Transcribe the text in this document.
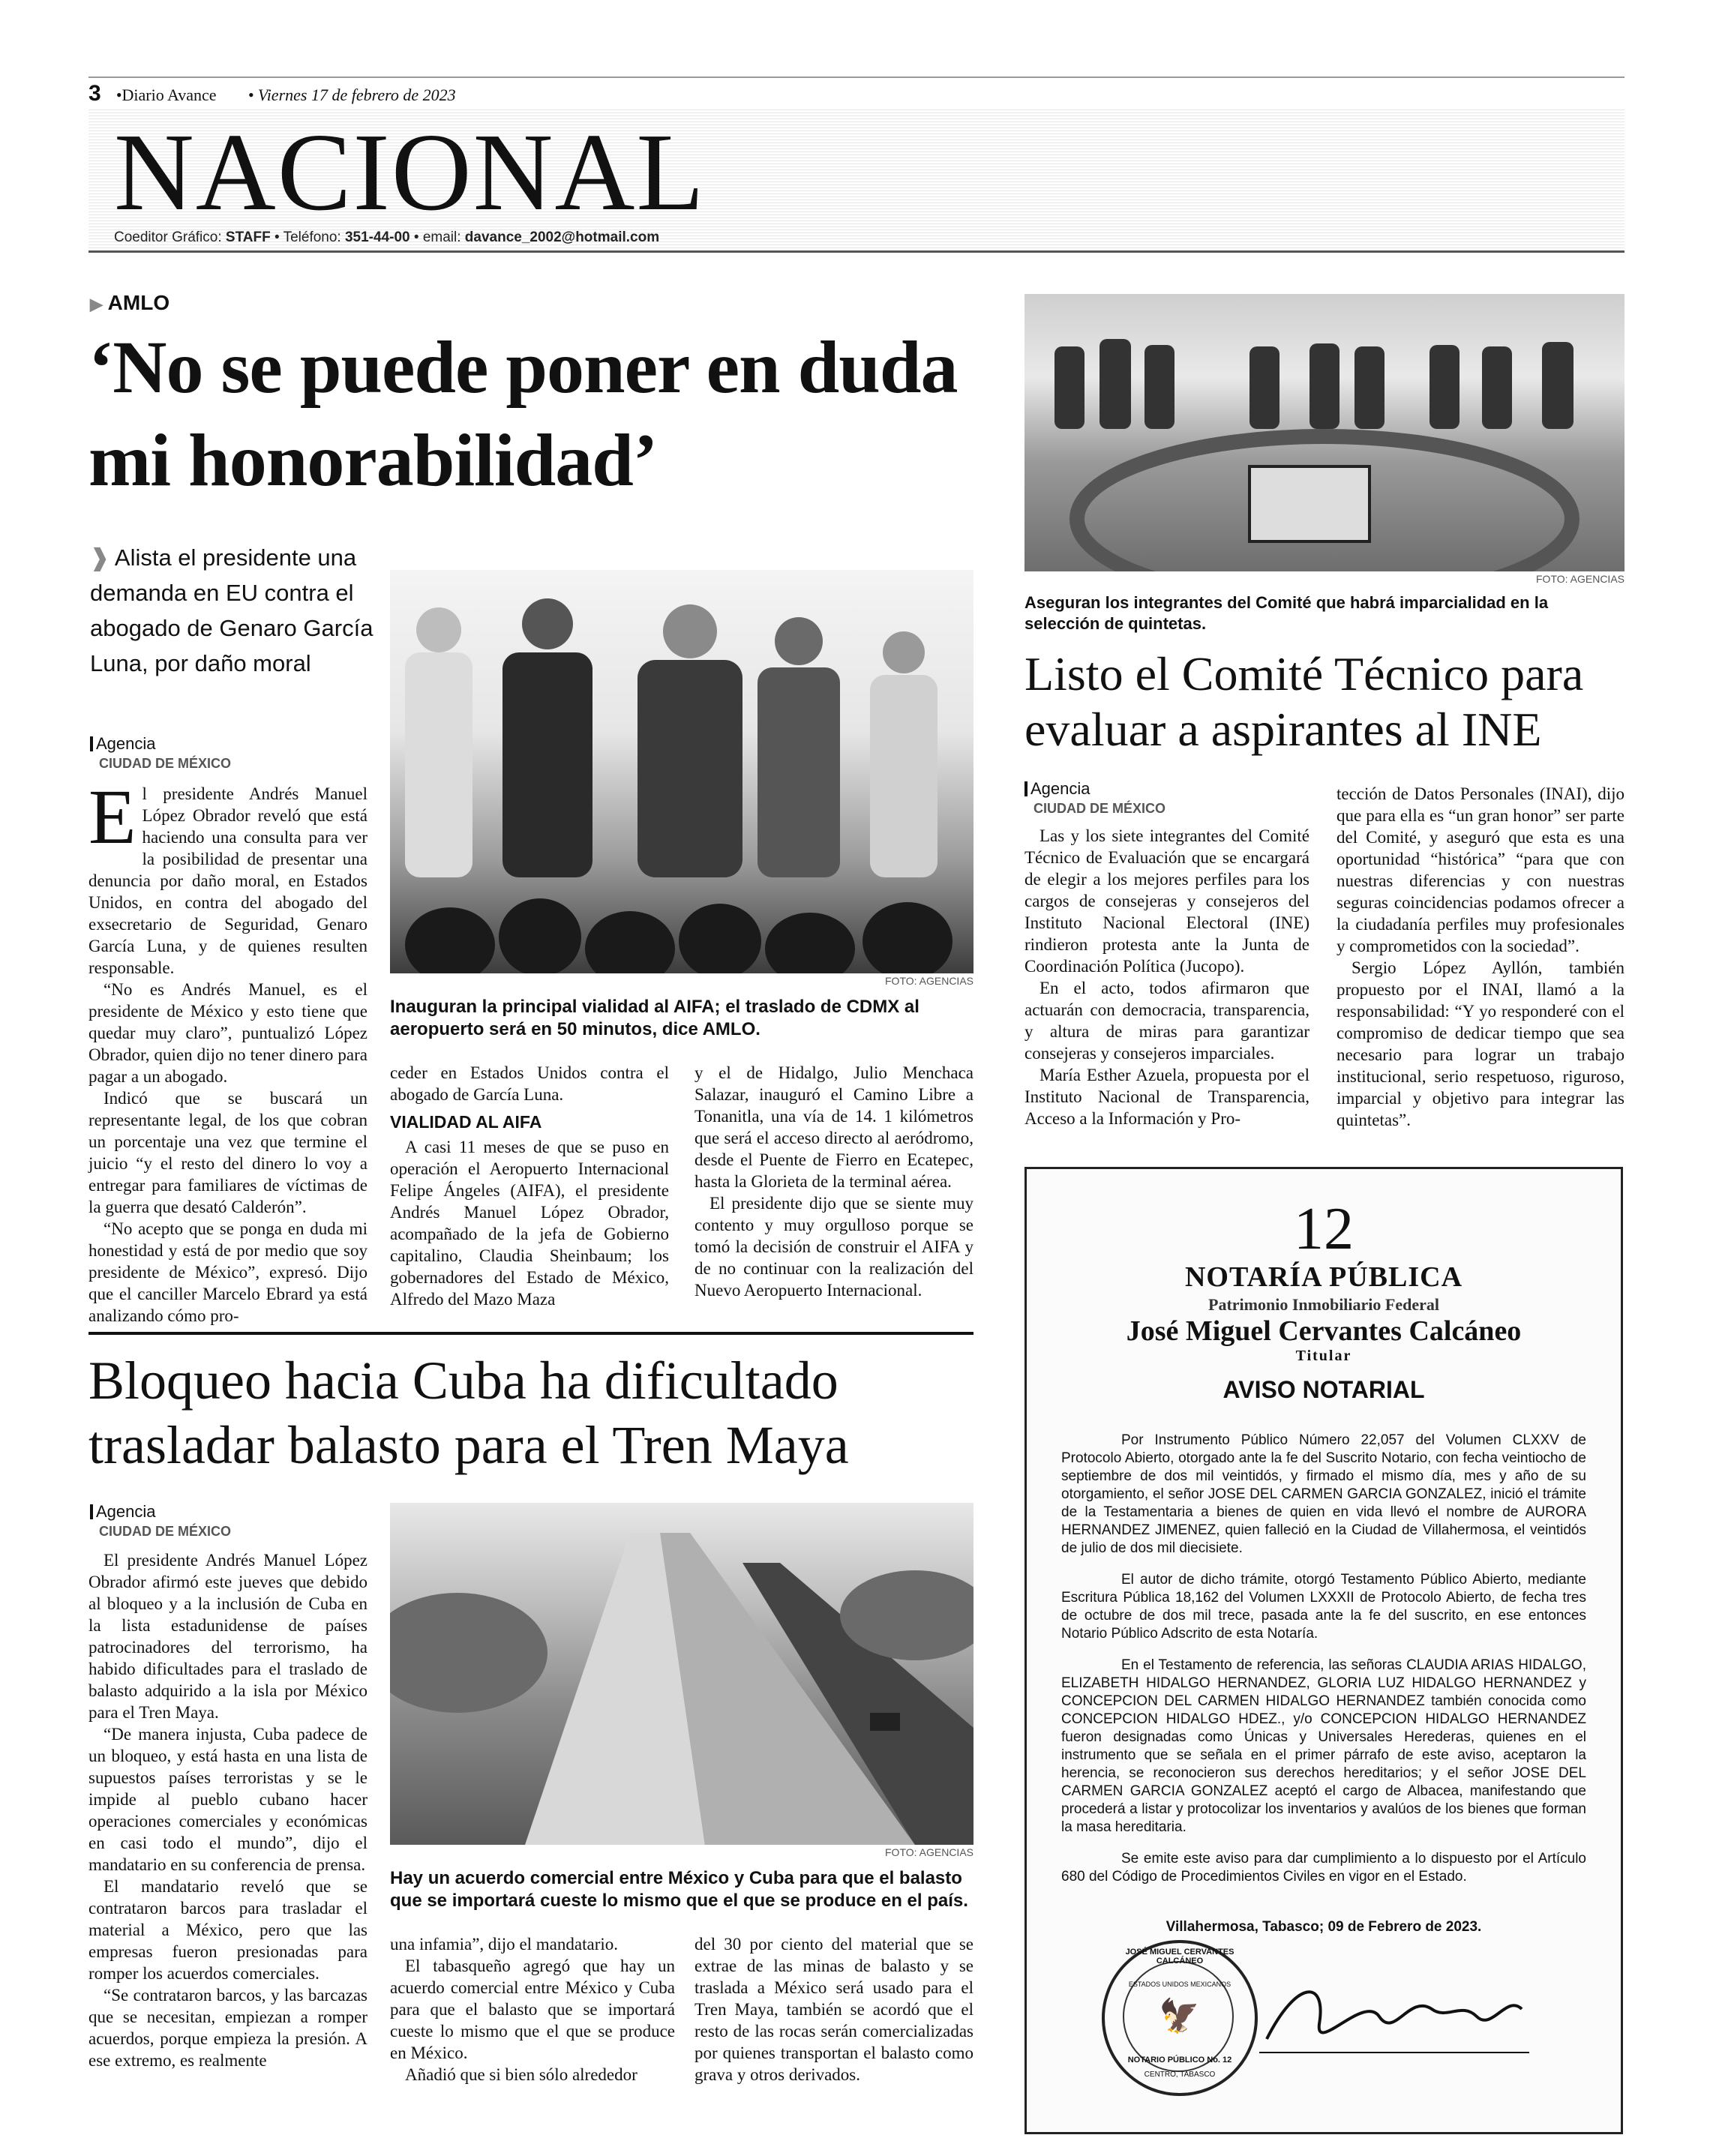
3 •Diario Avance • Viernes 17 de febrero de 2023
NACIONAL
Coeditor Gráfico: STAFF • Teléfono: 351-44-00 • email: davance_2002@hotmail.com
▶ AMLO
‘No se puede poner en duda mi honorabilidad’
❱ Alista el presidente una demanda en EU contra el abogado de Genaro García Luna, por daño moral
Agencia
CIUDAD DE MÉXICO
E l presidente Andrés Manuel López Obrador reveló que está haciendo una consulta para ver la posibilidad de presentar una denuncia por daño moral, en Estados Unidos, en contra del abogado del exsecretario de Seguridad, Genaro García Luna, y de quienes resulten responsable.

“No es Andrés Manuel, es el presidente de México y esto tiene que quedar muy claro”, puntualizó López Obrador, quien dijo no tener dinero para pagar a un abogado.

Indicó que se buscará un representante legal, de los que cobran un porcentaje una vez que termine el juicio “y el resto del dinero lo voy a entregar para familiares de víctimas de la guerra que desató Calderón”.

“No acepto que se ponga en duda mi honestidad y está de por medio que soy presidente de México”, expresó. Dijo que el canciller Marcelo Ebrard ya está analizando cómo pro-

FOTO: AGENCIAS
Inauguran la principal vialidad al AIFA; el traslado de CDMX al aeropuerto será en 50 minutos, dice AMLO.

ceder en Estados Unidos contra el abogado de García Luna.

VIALIDAD AL AIFA

A casi 11 meses de que se puso en operación el Aeropuerto Internacional Felipe Ángeles (AIFA), el presidente Andrés Manuel López Obrador, acompañado de la jefa de Gobierno capitalino, Claudia Sheinbaum; los gobernadores del Estado de México, Alfredo del Mazo Maza

y el de Hidalgo, Julio Menchaca Salazar, inauguró el Camino Libre a Tonanitla, una vía de 14. 1 kilómetros que será el acceso directo al aeródromo, desde el Puente de Fierro en Ecatepec, hasta la Glorieta de la terminal aérea.

El presidente dijo que se siente muy contento y muy orgulloso porque se tomó la decisión de construir el AIFA y de no continuar con la realización del Nuevo Aeropuerto Internacional.

FOTO: AGENCIAS
Aseguran los integrantes del Comité que habrá imparcialidad en la selección de quintetas.
Listo el Comité Técnico para evaluar a aspirantes al INE
Agencia
CIUDAD DE MÉXICO

Las y los siete integrantes del Comité Técnico de Evaluación que se encargará de elegir a los mejores perfiles para los cargos de consejeras y consejeros del Instituto Nacional Electoral (INE) rindieron protesta ante la Junta de Coordinación Política (Jucopo).

En el acto, todos afirmaron que actuarán con democracia, transparencia, y altura de miras para garantizar consejeras y consejeros imparciales.

María Esther Azuela, propuesta por el Instituto Nacional de Transparencia, Acceso a la Información y Pro-

tección de Datos Personales (INAI), dijo que para ella es “un gran honor” ser parte del Comité, y aseguró que esta es una oportunidad “histórica” “para que con nuestras diferencias y con nuestras seguras coincidencias podamos ofrecer a la ciudadanía perfiles muy profesionales y comprometidos con la sociedad”.

Sergio López Ayllón, también propuesto por el INAI, llamó a la responsabilidad: “Y yo responderé con el compromiso de dedicar tiempo que sea necesario para lograr un trabajo institucional, serio respetuoso, riguroso, imparcial y objetivo para integrar las quintetas”.

12
NOTARÍA PÚBLICA
Patrimonio Inmobiliario Federal
José Miguel Cervantes Calcáneo
Titular
AVISO NOTARIAL

Por Instrumento Público Número 22,057 del Volumen CLXXV de Protocolo Abierto, otorgado ante la fe del Suscrito Notario, con fecha veintiocho de septiembre de dos mil veintidós, y firmado el mismo día, mes y año de su otorgamiento, el señor JOSE DEL CARMEN GARCIA GONZALEZ, inició el trámite de la Testamentaria a bienes de quien en vida llevó el nombre de AURORA HERNANDEZ JIMENEZ, quien falleció en la Ciudad de Villahermosa, el veintidós de julio de dos mil diecisiete.

El autor de dicho trámite, otorgó Testamento Público Abierto, mediante Escritura Pública 18,162 del Volumen LXXXII de Protocolo Abierto, de fecha tres de octubre de dos mil trece, pasada ante la fe del suscrito, en ese entonces Notario Público Adscrito de esta Notaría.

En el Testamento de referencia, las señoras CLAUDIA ARIAS HIDALGO, ELIZABETH HIDALGO HERNANDEZ, GLORIA LUZ HIDALGO HERNANDEZ y CONCEPCION DEL CARMEN HIDALGO HERNANDEZ también conocida como CONCEPCION HIDALGO HDEZ., y/o CONCEPCION HIDALGO HERNANDEZ fueron designadas como Únicas y Universales Herederas, quienes en el instrumento que se señala en el primer párrafo de este aviso, aceptaron la herencia, se reconocieron sus derechos hereditarios; y el señor JOSE DEL CARMEN GARCIA GONZALEZ aceptó el cargo de Albacea, manifestando que procederá a listar y protocolizar los inventarios y avalúos de los bienes que forman la masa hereditaria.

Se emite este aviso para dar cumplimiento a lo dispuesto por el Artículo 680 del Código de Procedimientos Civiles en vigor en el Estado.

Villahermosa, Tabasco; 09 de Febrero de 2023.
JOSÉ MIGUEL CERVANTES CALCÁNEO
ESTADOS UNIDOS MEXICANOS
🦅
NOTARIO PÚBLICO No. 12
CENTRO, TABASCO
Bloqueo hacia Cuba ha dificultado trasladar balasto para el Tren Maya
Agencia
CIUDAD DE MÉXICO

El presidente Andrés Manuel López Obrador afirmó este jueves que debido al bloqueo y a la inclusión de Cuba en la lista estadunidense de países patrocinadores del terrorismo, ha habido dificultades para el traslado de balasto adquirido a la isla por México para el Tren Maya.

“De manera injusta, Cuba padece de un bloqueo, y está hasta en una lista de supuestos países terroristas y se le impide al pueblo cubano hacer operaciones comerciales y económicas en casi todo el mundo”, dijo el mandatario en su conferencia de prensa.

El mandatario reveló que se contrataron barcos para trasladar el material a México, pero que las empresas fueron presionadas para romper los acuerdos comerciales.

“Se contrataron barcos, y las barcazas que se necesitan, empiezan a romper acuerdos, porque empieza la presión. A ese extremo, es realmente

FOTO: AGENCIAS
Hay un acuerdo comercial entre México y Cuba para que el balasto que se importará cueste lo mismo que el que se produce en el país.

una infamia”, dijo el mandatario.

El tabasqueño agregó que hay un acuerdo comercial entre México y Cuba para que el balasto que se importará cueste lo mismo que el que se produce en México.

Añadió que si bien sólo alrededor

del 30 por ciento del material que se extrae de las minas de balasto y se traslada a México será usado para el Tren Maya, también se acordó que el resto de las rocas serán comercializadas por quienes transportan el balasto como grava y otros derivados.
